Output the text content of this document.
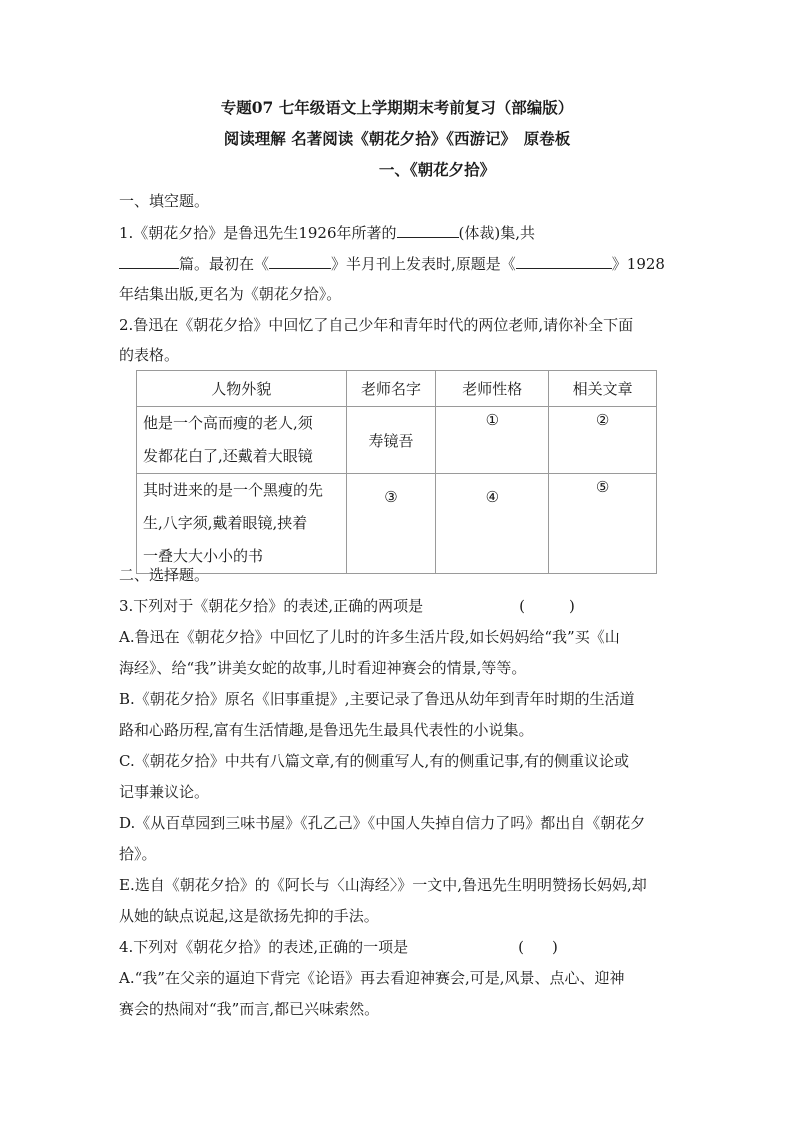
专题07 七年级语文上学期期末考前复习（部编版）
阅读理解 名著阅读《朝花夕拾》《西游记》　原卷板
一、《朝花夕拾》
一、填空题。
1.《朝花夕拾》是鲁迅先生1926年所著的	(体裁)集,共
篇。最初在《	》半月刊上发表时,原题是《	》1928
年结集出版,更名为《朝花夕拾》。
2.鲁迅在《朝花夕拾》中回忆了自己少年和青年时代的两位老师,请你补全下面
的表格。
人物外貌	老师名字	老师性格	相关文章

他是一个高而瘦的老人,须
发都花白了,还戴着大眼镜	寿镜吾	①	②

其时进来的是一个黑瘦的先
生,八字须,戴着眼镜,挟着
一叠大大小小的书	③	④	⑤
二、选择题。
3.下列对于《朝花夕拾》的表述,正确的两项是	(	)
A.鲁迅在《朝花夕拾》中回忆了儿时的许多生活片段,如长妈妈给“我”买《山
海经》、给“我”讲美女蛇的故事,儿时看迎神赛会的情景,等等。
B.《朝花夕拾》原名《旧事重提》,主要记录了鲁迅从幼年到青年时期的生活道
路和心路历程,富有生活情趣,是鲁迅先生最具代表性的小说集。
C.《朝花夕拾》中共有八篇文章,有的侧重写人,有的侧重记事,有的侧重议论或
记事兼议论。
D.《从百草园到三味书屋》《孔乙己》《中国人失掉自信力了吗》都出自《朝花夕
拾》。
E.选自《朝花夕拾》的《阿长与〈山海经〉》一文中,鲁迅先生明明赞扬长妈妈,却
从她的缺点说起,这是欲扬先抑的手法。
4.下列对《朝花夕拾》的表述,正确的一项是	( )
A.“我”在父亲的逼迫下背完《论语》再去看迎神赛会,可是,风景、点心、迎神
赛会的热闹对“我”而言,都已兴味索然。
